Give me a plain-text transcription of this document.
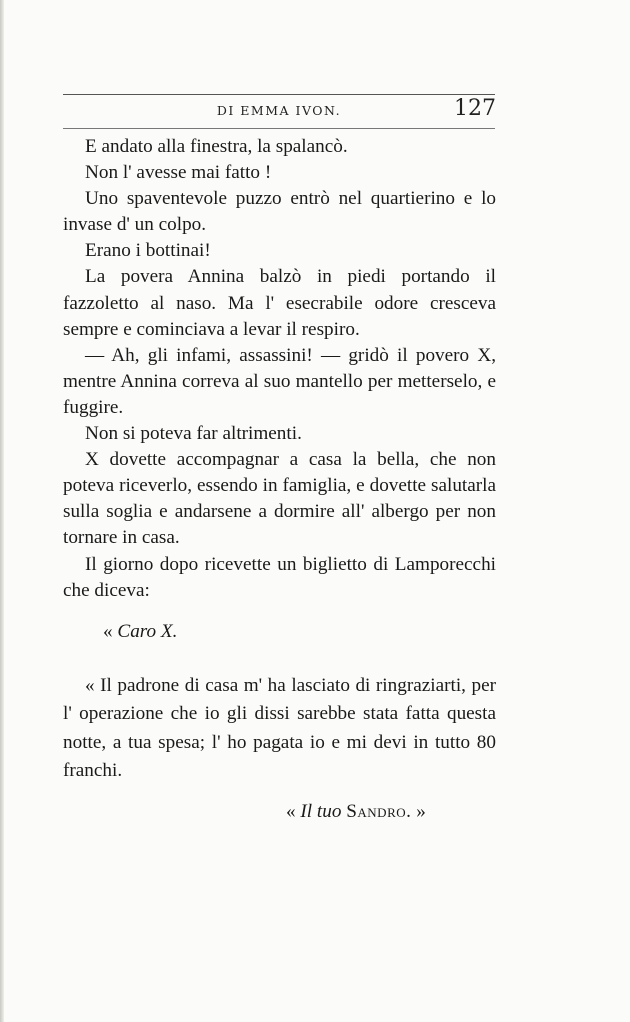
DI EMMA IVON.	127

E andato alla finestra, la spalancò.

Non l' avesse mai fatto !

Uno spaventevole puzzo entrò nel quartierino e lo invase d' un colpo.

Erano i bottinai!

La povera Annina balzò in piedi portando il fazzoletto al naso. Ma l' esecrabile odore cresceva sempre e cominciava a levar il respiro.

— Ah, gli infami, assassini! — gridò il povero X, mentre Annina correva al suo mantello per metterselo, e fuggire.

Non si poteva far altrimenti.

X dovette accompagnar a casa la bella, che non poteva riceverlo, essendo in famiglia, e dovette salutarla sulla soglia e andarsene a dormire all' albergo per non tornare in casa.

Il giorno dopo ricevette un biglietto di Lamporecchi che diceva:

« Caro X.

« Il padrone di casa m' ha lasciato di ringraziarti, per l' operazione che io gli dissi sarebbe stata fatta questa notte, a tua spesa; l' ho pagata io e mi devi in tutto 80 franchi.

« Il tuo Sandro. »
